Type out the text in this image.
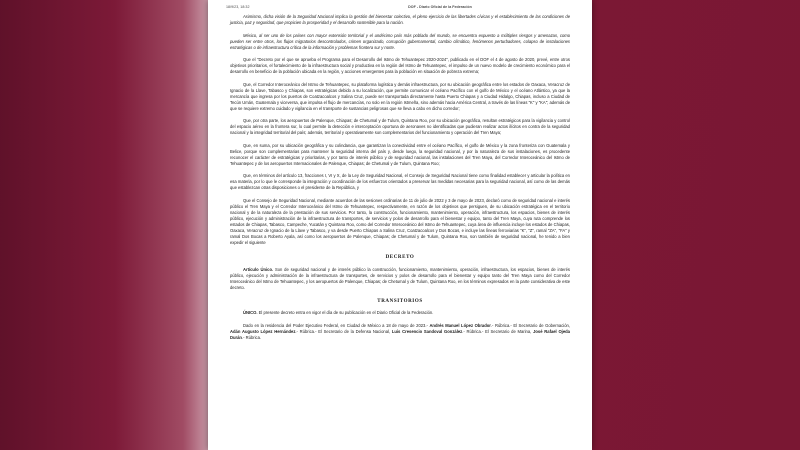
18/9/23, 18:32	DOF - Diario Oficial de la Federación

Asimismo, dicha visión de la Seguridad Nacional implica la gestión del bienestar colectivo, el pleno ejercicio de las libertades cívicas y el establecimiento de las condiciones de justicia, paz y seguridad, que propicien la prosperidad y el desarrollo sostenible para la nación.

México, al ser uno de los países con mayor extensión territorial y el undécimo país más poblado del mundo, se encuentra expuesto a múltiples riesgos y amenazas, como pueden ser entre otros, los flujos migratorios descontrolados, crimen organizado, corrupción gubernamental, cambio climático, fenómenos perturbadores, colapso de instalaciones estratégicas o de infraestructura crítica de la información y problemas frontera sur y norte.

Que el "Decreto por el que se aprueba el Programa para el Desarrollo del Istmo de Tehuantepec 2020-2024", publicado en el DOF el 4 de agosto de 2020, prevé, entre otros objetivos prioritarios, el fortalecimiento de la infraestructura social y productiva en la región del Istmo de Tehuantepec, el impulso de un nuevo modelo de crecimiento económico para el desarrollo en beneficio de la población ubicada en la región, y acciones emergentes para la población en situación de pobreza extrema;

Que, el Corredor Interoceánico del Istmo de Tehuantepec, su plataforma logística y demás infraestructura, por su ubicación geográfica entre los estados de Oaxaca, Veracruz de Ignacio de la Llave, Tabasco y Chiapas, son estratégicas debido a su localización, que permite comunicar el océano Pacífico con el golfo de México y el océano Atlántico, ya que la mercancía que ingresa por los puertos de Coatzacoalcos y Salina Cruz, puede ser transportada directamente hasta Puerto Chiapas y a Ciudad Hidalgo, Chiapas, incluso a Ciudad de Tecún Umán, Guatemala y viceversa, que impulsa el flujo de mercancías, no solo en la región Istmeña, sino además hacia América Central, a través de las líneas "K" y "KA"; además de que se requiere extremo cuidado y vigilancia en el transporte de sustancias peligrosas que se lleva a cabo en dicho corredor;

Que, por otra parte, los aeropuertos de Palenque, Chiapas; de Chetumal y de Tulum, Quintana Roo, por su ubicación geográfica, resultan estratégicos para la vigilancia y control del espacio aéreo en la frontera sur, lo cual permite la detección e interceptación oportuna de aeronaves no identificadas que pudieran realizar actos ilícitos en contra de la seguridad nacional y la integridad territorial del país; además, territorial y operativamente son complementarios del funcionamiento y operación del Tren Maya;

Que, en suma, por su ubicación geográfica y su colindancia, que garantizan la conectividad entre el océano Pacífico, el golfo de México y la zona fronteriza con Guatemala y Belice, porque son complementarias para mantener la seguridad interna del país y, desde luego, la seguridad nacional, y por la naturaleza de sus instalaciones, es procedente reconocer el carácter de estratégicas y prioritarias, y por tanto de interés público y de seguridad nacional, las instalaciones del Tren Maya, del Corredor Interoceánico del Istmo de Tehuantepec y de los aeropuertos Internacionales de Palenque, Chiapas; de Chetumal y de Tulum, Quintana Roo;

Que, en términos del artículo 13, fracciones I, VI y X, de la Ley de Seguridad Nacional, el Consejo de Seguridad Nacional tiene como finalidad establecer y articular la política en esa materia, por lo que le corresponde la integración y coordinación de los esfuerzos orientados a preservar las medidas necesarias para la seguridad nacional, así como de las demás que establezcan otras disposiciones o el presidente de la República, y

Que el Consejo de Seguridad Nacional, mediante acuerdos de las sesiones ordinarias de 11 de julio de 2022 y 3 de mayo de 2023, declaró como de seguridad nacional e interés público el Tren Maya y el Corredor Interoceánico del Istmo de Tehuantepec, respectivamente, en razón de los objetivos que persiguen, de su ubicación estratégica en el territorio nacional y de la naturaleza de la prestación de sus servicios. Por tanto, la construcción, funcionamiento, mantenimiento, operación, infraestructura, los espacios, bienes de interés público, ejecución y administración de la infraestructura de transportes, de servicios y polos de desarrollo para el bienestar y equipo, tanto del Tren Maya, cuya ruta comprende los estados de Chiapas, Tabasco, Campeche, Yucatán y Quintana Roo, como del Corredor Interoceánico del Istmo de Tehuantepec, cuya área de influencia incluye los estados de Chiapas, Oaxaca, Veracruz de Ignacio de la Llave y Tabasco, y va desde Puerto Chiapas a Salina Cruz, Coatzacoalcos y Dos Bocas, e incluye las líneas ferroviarias "K", "Z", ramal "ZA", "FA" y ramal Dos Bocas a Roberto Ayala, así como los aeropuertos de Palenque, Chiapas; de Chetumal y de Tulum, Quintana Roo, son también de seguridad nacional, he tenido a bien expedir el siguiente

DECRETO

Artículo Único. Son de seguridad nacional y de interés público la construcción, funcionamiento, mantenimiento, operación, infraestructura, los espacios, bienes de interés público, ejecución y administración de la infraestructura de transportes, de servicios y polos de desarrollo para el bienestar y equipo tanto del Tren Maya como del Corredor Interoceánico del Istmo de Tehuantepec, y los aeropuertos de Palenque, Chiapas; de Chetumal y de Tulum, Quintana Roo, en los términos expresados en la parte considerativa de este decreto.

TRANSITORIOS

ÚNICO. El presente decreto entra en vigor el día de su publicación en el Diario Oficial de la Federación.

Dado en la residencia del Poder Ejecutivo Federal, en Ciudad de México a 18 de mayo de 2023.- Andrés Manuel López Obrador.- Rúbrica.- El Secretario de Gobernación, Adán Augusto López Hernández.- Rúbrica.- El Secretario de la Defensa Nacional, Luis Cresencio Sandoval González.- Rúbrica.- El Secretario de Marina, José Rafael Ojeda Durán.- Rúbrica.
